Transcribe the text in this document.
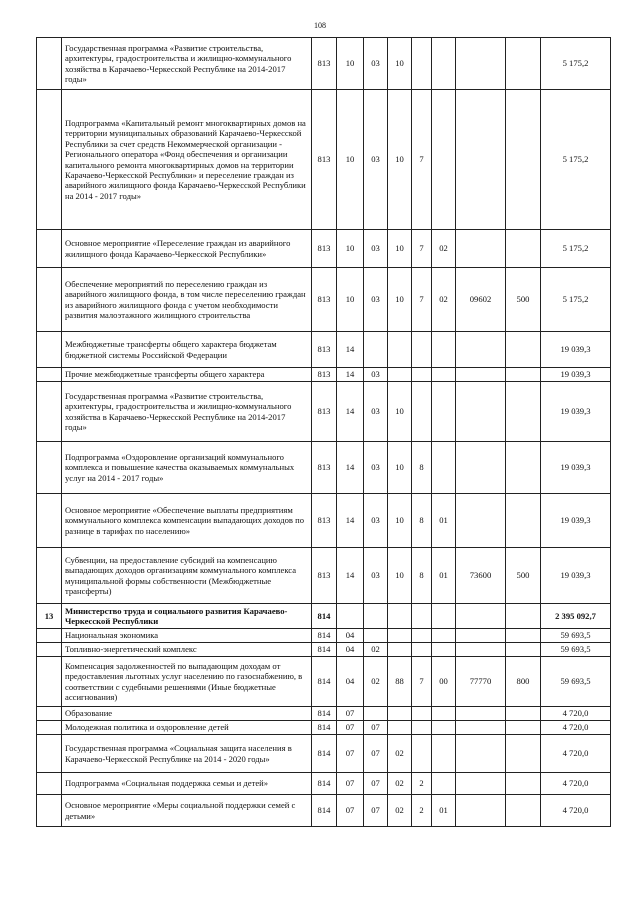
108
	Государственная программа «Развитие строительства, архитектуры, градостроительства и жилищно-коммунального хозяйства в Карачаево-Черкесской Республике на 2014-2017 годы»	813	10	03	10					5 175,2
	Подпрограмма «Капитальный ремонт многоквартирных домов на территории муниципальных образований Карачаево-Черкесской Республики за счет средств Некоммерческой организации - Регионального оператора «Фонд обеспечения и организации капитального ремонта многоквартирных домов на территории Карачаево-Черкесской Республики» и переселение граждан из аварийного жилищного фонда Карачаево-Черкесской Республики на 2014 - 2017 годы»	813	10	03	10	7				5 175,2
	Основное мероприятие «Переселение граждан из аварийного жилищного фонда Карачаево-Черкесской Республики»	813	10	03	10	7	02			5 175,2
	Обеспечение мероприятий по переселению граждан из аварийного жилищного фонда, в том числе переселению граждан из аварийного жилищного фонда с учетом необходимости развития малоэтажного жилищного строительства	813	10	03	10	7	02	09602	500	5 175,2
	Межбюджетные трансферты общего характера бюджетам бюджетной системы Российской Федерации	813	14							19 039,3
	Прочие межбюджетные трансферты общего характера	813	14	03						19 039,3
	Государственная программа «Развитие строительства, архитектуры, градостроительства и жилищно-коммунального хозяйства в Карачаево-Черкесской Республике на 2014-2017 годы»	813	14	03	10					19 039,3
	Подпрограмма «Оздоровление организаций коммунального комплекса и повышение качества оказываемых коммунальных услуг на 2014 - 2017 годы»	813	14	03	10	8				19 039,3
	Основное мероприятие «Обеспечение выплаты предприятиям коммунального комплекса компенсации выпадающих доходов по разнице в тарифах по населению»	813	14	03	10	8	01			19 039,3
	Субвенции, на предоставление субсидий на компенсацию выпадающих доходов организациям коммунального комплекса муниципальной формы собственности (Межбюджетные трансферты)	813	14	03	10	8	01	73600	500	19 039,3
13	Министерство труда и социального развития Карачаево-Черкесской Республики	814								2 395 092,7
	Национальная экономика	814	04							59 693,5
	Топливно-энергетический комплекс	814	04	02						59 693,5
	Компенсация задолженностей по выпадающим доходам от предоставления льготных услуг населению по газоснабжению, в соответствии с судебными решениями (Иные бюджетные ассигнования)	814	04	02	88	7	00	77770	800	59 693,5
	Образование	814	07							4 720,0
	Молодежная политика и оздоровление детей	814	07	07						4 720,0
	Государственная программа «Социальная защита населения в Карачаево-Черкесской Республике на 2014 - 2020 годы»	814	07	07	02					4 720,0
	Подпрограмма «Социальная поддержка семьи и детей»	814	07	07	02	2				4 720,0
	Основное мероприятие «Меры социальной поддержки семей с детьми»	814	07	07	02	2	01			4 720,0
